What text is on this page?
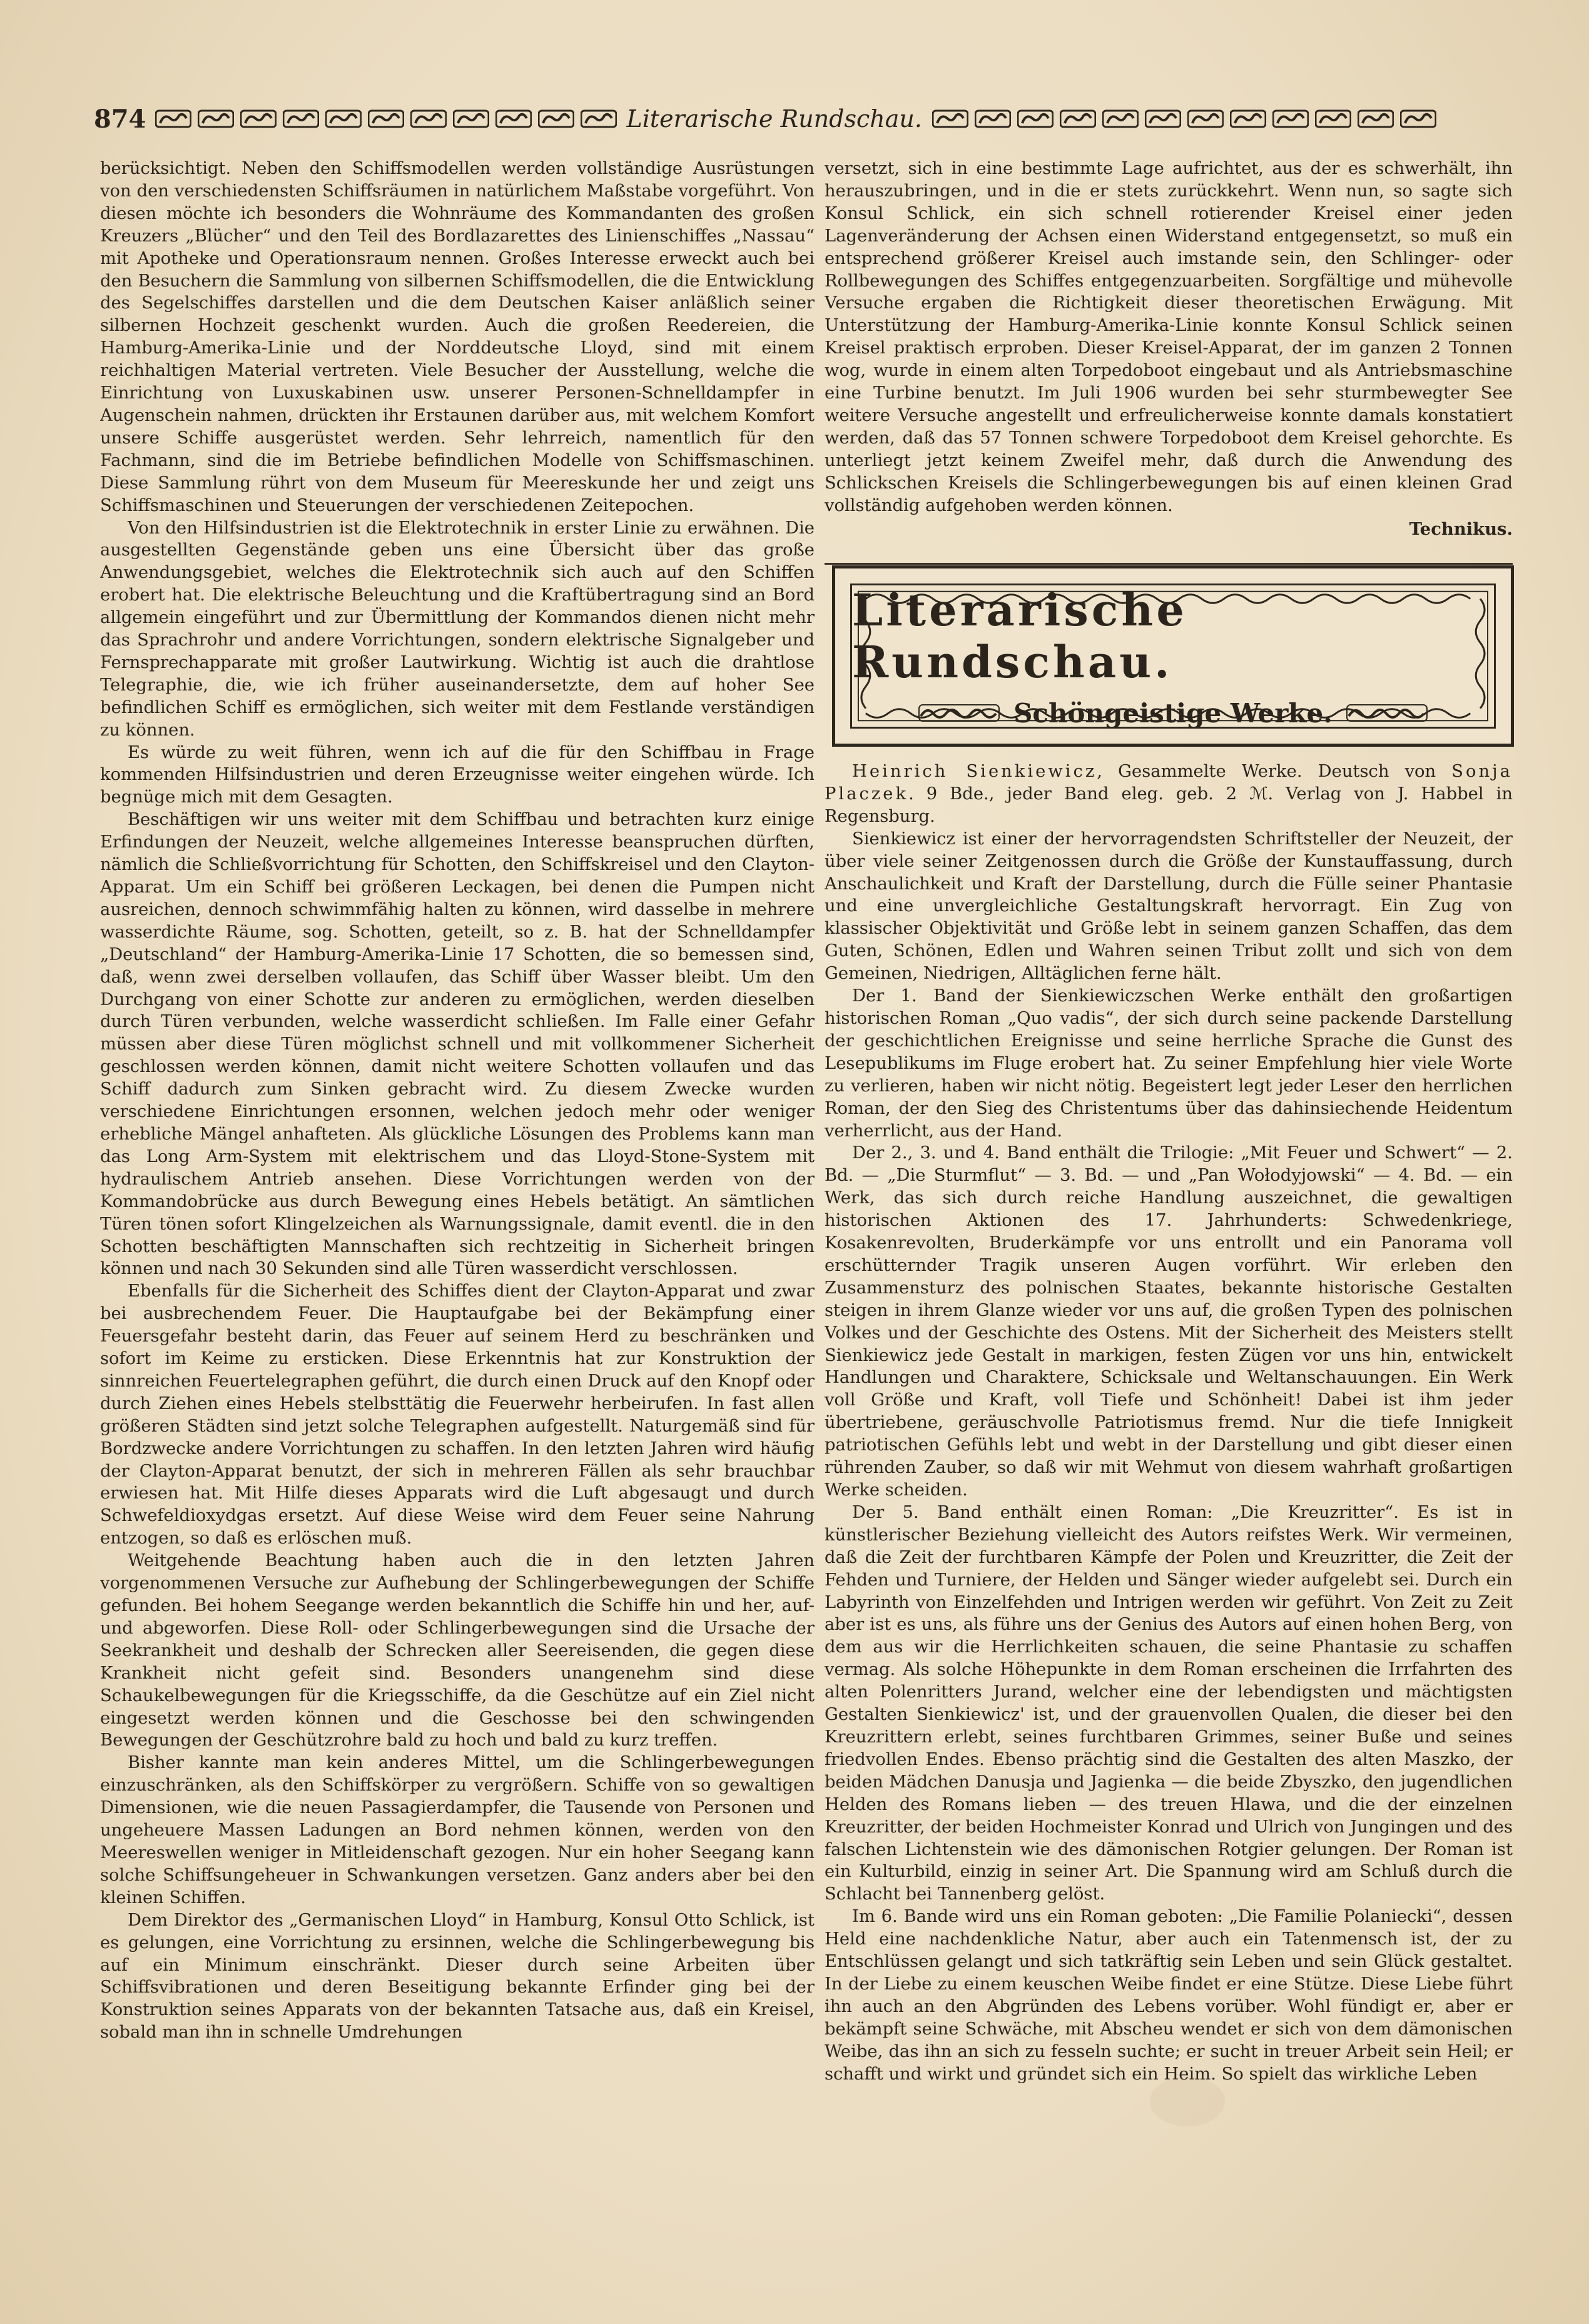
874	Literarische Rundschau.

berücksichtigt. Neben den Schiffsmodellen werden vollständige Ausrüstungen von den verschiedensten Schiffsräumen in natürlichem Maßstabe vorgeführt. Von diesen möchte ich besonders die Wohnräume des Kommandanten des großen Kreuzers „Blücher“ und den Teil des Bordlazarettes des Linienschiffes „Nassau“ mit Apotheke und Operationsraum nennen. Großes Interesse erweckt auch bei den Besuchern die Sammlung von silbernen Schiffsmodellen, die die Entwicklung des Segelschiffes darstellen und die dem Deutschen Kaiser anläßlich seiner silbernen Hochzeit geschenkt wurden. Auch die großen Reedereien, die Hamburg-Amerika-Linie und der Norddeutsche Lloyd, sind mit einem reichhaltigen Material vertreten. Viele Besucher der Ausstellung, welche die Einrichtung von Luxuskabinen usw. unserer Personen-Schnelldampfer in Augenschein nahmen, drückten ihr Erstaunen darüber aus, mit welchem Komfort unsere Schiffe ausgerüstet werden. Sehr lehrreich, namentlich für den Fachmann, sind die im Betriebe befindlichen Modelle von Schiffsmaschinen. Diese Sammlung rührt von dem Museum für Meereskunde her und zeigt uns Schiffsmaschinen und Steuerungen der verschiedenen Zeitepochen.

Von den Hilfsindustrien ist die Elektrotechnik in erster Linie zu erwähnen. Die ausgestellten Gegenstände geben uns eine Übersicht über das große Anwendungsgebiet, welches die Elektrotechnik sich auch auf den Schiffen erobert hat. Die elektrische Beleuchtung und die Kraftübertragung sind an Bord allgemein eingeführt und zur Übermittlung der Kommandos dienen nicht mehr das Sprachrohr und andere Vorrichtungen, sondern elektrische Signalgeber und Fernsprechapparate mit großer Lautwirkung. Wichtig ist auch die drahtlose Telegraphie, die, wie ich früher auseinandersetzte, dem auf hoher See befindlichen Schiff es ermöglichen, sich weiter mit dem Festlande verständigen zu können.

Es würde zu weit führen, wenn ich auf die für den Schiffbau in Frage kommenden Hilfsindustrien und deren Erzeugnisse weiter eingehen würde. Ich begnüge mich mit dem Gesagten.

Beschäftigen wir uns weiter mit dem Schiffbau und betrachten kurz einige Erfindungen der Neuzeit, welche allgemeines Interesse beanspruchen dürften, nämlich die Schließvorrichtung für Schotten, den Schiffskreisel und den Clayton-Apparat. Um ein Schiff bei größeren Leckagen, bei denen die Pumpen nicht ausreichen, dennoch schwimmfähig halten zu können, wird dasselbe in mehrere wasserdichte Räume, sog. Schotten, geteilt, so z. B. hat der Schnelldampfer „Deutschland“ der Hamburg-Amerika-Linie 17 Schotten, die so bemessen sind, daß, wenn zwei derselben vollaufen, das Schiff über Wasser bleibt. Um den Durchgang von einer Schotte zur anderen zu ermöglichen, werden dieselben durch Türen verbunden, welche wasserdicht schließen. Im Falle einer Gefahr müssen aber diese Türen möglichst schnell und mit vollkommener Sicherheit geschlossen werden können, damit nicht weitere Schotten vollaufen und das Schiff dadurch zum Sinken gebracht wird. Zu diesem Zwecke wurden verschiedene Einrichtungen ersonnen, welchen jedoch mehr oder weniger erhebliche Mängel anhafteten. Als glückliche Lösungen des Problems kann man das Long Arm-System mit elektrischem und das Lloyd-Stone-System mit hydraulischem Antrieb ansehen. Diese Vorrichtungen werden von der Kommandobrücke aus durch Bewegung eines Hebels betätigt. An sämtlichen Türen tönen sofort Klingelzeichen als Warnungssignale, damit eventl. die in den Schotten beschäftigten Mannschaften sich rechtzeitig in Sicherheit bringen können und nach 30 Sekunden sind alle Türen wasserdicht verschlossen.

Ebenfalls für die Sicherheit des Schiffes dient der Clayton-Apparat und zwar bei ausbrechendem Feuer. Die Hauptaufgabe bei der Bekämpfung einer Feuersgefahr besteht darin, das Feuer auf seinem Herd zu beschränken und sofort im Keime zu ersticken. Diese Erkenntnis hat zur Konstruktion der sinnreichen Feuertelegraphen geführt, die durch einen Druck auf den Knopf oder durch Ziehen eines Hebels stelbsttätig die Feuerwehr herbeirufen. In fast allen größeren Städten sind jetzt solche Telegraphen aufgestellt. Naturgemäß sind für Bordzwecke andere Vorrichtungen zu schaffen. In den letzten Jahren wird häufig der Clayton-Apparat benutzt, der sich in mehreren Fällen als sehr brauchbar erwiesen hat. Mit Hilfe dieses Apparats wird die Luft abgesaugt und durch Schwefeldioxydgas ersetzt. Auf diese Weise wird dem Feuer seine Nahrung entzogen, so daß es erlöschen muß.

Weitgehende Beachtung haben auch die in den letzten Jahren vorgenommenen Versuche zur Aufhebung der Schlingerbewegungen der Schiffe gefunden. Bei hohem Seegange werden bekanntlich die Schiffe hin und her, auf- und abgeworfen. Diese Roll- oder Schlingerbewegungen sind die Ursache der Seekrankheit und deshalb der Schrecken aller Seereisenden, die gegen diese Krankheit nicht gefeit sind. Besonders unangenehm sind diese Schaukelbewegungen für die Kriegsschiffe, da die Geschütze auf ein Ziel nicht eingesetzt werden können und die Geschosse bei den schwingenden Bewegungen der Geschützrohre bald zu hoch und bald zu kurz treffen.

Bisher kannte man kein anderes Mittel, um die Schlingerbewegungen einzuschränken, als den Schiffskörper zu vergrößern. Schiffe von so gewaltigen Dimensionen, wie die neuen Passagierdampfer, die Tausende von Personen und ungeheuere Massen Ladungen an Bord nehmen können, werden von den Meereswellen weniger in Mitleidenschaft gezogen. Nur ein hoher Seegang kann solche Schiffsungeheuer in Schwankungen versetzen. Ganz anders aber bei den kleinen Schiffen.

Dem Direktor des „Germanischen Lloyd“ in Hamburg, Konsul Otto Schlick, ist es gelungen, eine Vorrichtung zu ersinnen, welche die Schlingerbewegung bis auf ein Minimum einschränkt. Dieser durch seine Arbeiten über Schiffsvibrationen und deren Beseitigung bekannte Erfinder ging bei der Konstruktion seines Apparats von der bekannten Tatsache aus, daß ein Kreisel, sobald man ihn in schnelle Umdrehungen

versetzt, sich in eine bestimmte Lage aufrichtet, aus der es schwerhält, ihn herauszubringen, und in die er stets zurückkehrt. Wenn nun, so sagte sich Konsul Schlick, ein sich schnell rotierender Kreisel einer jeden Lagenveränderung der Achsen einen Widerstand entgegensetzt, so muß ein entsprechend größerer Kreisel auch imstande sein, den Schlinger- oder Rollbewegungen des Schiffes entgegenzuarbeiten. Sorgfältige und mühevolle Versuche ergaben die Richtigkeit dieser theoretischen Erwägung. Mit Unterstützung der Hamburg-Amerika-Linie konnte Konsul Schlick seinen Kreisel praktisch erproben. Dieser Kreisel-Apparat, der im ganzen 2 Tonnen wog, wurde in einem alten Torpedoboot eingebaut und als Antriebsmaschine eine Turbine benutzt. Im Juli 1906 wurden bei sehr sturmbewegter See weitere Versuche angestellt und erfreulicherweise konnte damals konstatiert werden, daß das 57 Tonnen schwere Torpedoboot dem Kreisel gehorchte. Es unterliegt jetzt keinem Zweifel mehr, daß durch die Anwendung des Schlickschen Kreisels die Schlingerbewegungen bis auf einen kleinen Grad vollständig aufgehoben werden können.

Technikus.
Literarische Rundschau.
Schöngeistige Werke.

Heinrich Sienkiewicz, Gesammelte Werke. Deutsch von Sonja Placzek. 9 Bde., jeder Band eleg. geb. 2 ℳ. Verlag von J. Habbel in Regensburg.

Sienkiewicz ist einer der hervorragendsten Schriftsteller der Neuzeit, der über viele seiner Zeitgenossen durch die Größe der Kunstauffassung, durch Anschaulichkeit und Kraft der Darstellung, durch die Fülle seiner Phantasie und eine unvergleichliche Gestaltungskraft hervorragt. Ein Zug von klassischer Objektivität und Größe lebt in seinem ganzen Schaffen, das dem Guten, Schönen, Edlen und Wahren seinen Tribut zollt und sich von dem Gemeinen, Niedrigen, Alltäglichen ferne hält.

Der 1. Band der Sienkiewiczschen Werke enthält den großartigen historischen Roman „Quo vadis“, der sich durch seine packende Darstellung der geschichtlichen Ereignisse und seine herrliche Sprache die Gunst des Lesepublikums im Fluge erobert hat. Zu seiner Empfehlung hier viele Worte zu verlieren, haben wir nicht nötig. Begeistert legt jeder Leser den herrlichen Roman, der den Sieg des Christentums über das dahinsiechende Heidentum verherrlicht, aus der Hand.

Der 2., 3. und 4. Band enthält die Trilogie: „Mit Feuer und Schwert“ — 2. Bd. — „Die Sturmflut“ — 3. Bd. — und „Pan Wołodyjowski“ — 4. Bd. — ein Werk, das sich durch reiche Handlung auszeichnet, die gewaltigen historischen Aktionen des 17. Jahrhunderts: Schwedenkriege, Kosakenrevolten, Bruderkämpfe vor uns entrollt und ein Panorama voll erschütternder Tragik unseren Augen vorführt. Wir erleben den Zusammensturz des polnischen Staates, bekannte historische Gestalten steigen in ihrem Glanze wieder vor uns auf, die großen Typen des polnischen Volkes und der Geschichte des Ostens. Mit der Sicherheit des Meisters stellt Sienkiewicz jede Gestalt in markigen, festen Zügen vor uns hin, entwickelt Handlungen und Charaktere, Schicksale und Weltanschauungen. Ein Werk voll Größe und Kraft, voll Tiefe und Schönheit! Dabei ist ihm jeder übertriebene, geräuschvolle Patriotismus fremd. Nur die tiefe Innigkeit patriotischen Gefühls lebt und webt in der Darstellung und gibt dieser einen rührenden Zauber, so daß wir mit Wehmut von diesem wahrhaft großartigen Werke scheiden.

Der 5. Band enthält einen Roman: „Die Kreuzritter“. Es ist in künstlerischer Beziehung vielleicht des Autors reifstes Werk. Wir vermeinen, daß die Zeit der furchtbaren Kämpfe der Polen und Kreuzritter, die Zeit der Fehden und Turniere, der Helden und Sänger wieder aufgelebt sei. Durch ein Labyrinth von Einzelfehden und Intrigen werden wir geführt. Von Zeit zu Zeit aber ist es uns, als führe uns der Genius des Autors auf einen hohen Berg, von dem aus wir die Herrlichkeiten schauen, die seine Phantasie zu schaffen vermag. Als solche Höhepunkte in dem Roman erscheinen die Irrfahrten des alten Polenritters Jurand, welcher eine der lebendigsten und mächtigsten Gestalten Sienkiewicz' ist, und der grauenvollen Qualen, die dieser bei den Kreuzrittern erlebt, seines furchtbaren Grimmes, seiner Buße und seines friedvollen Endes. Ebenso prächtig sind die Gestalten des alten Maszko, der beiden Mädchen Danusja und Jagienka — die beide Zbyszko, den jugendlichen Helden des Romans lieben — des treuen Hlawa, und die der einzelnen Kreuzritter, der beiden Hochmeister Konrad und Ulrich von Jungingen und des falschen Lichtenstein wie des dämonischen Rotgier gelungen. Der Roman ist ein Kulturbild, einzig in seiner Art. Die Spannung wird am Schluß durch die Schlacht bei Tannenberg gelöst.

Im 6. Bande wird uns ein Roman geboten: „Die Familie Polaniecki“, dessen Held eine nachdenkliche Natur, aber auch ein Tatenmensch ist, der zu Entschlüssen gelangt und sich tatkräftig sein Leben und sein Glück gestaltet. In der Liebe zu einem keuschen Weibe findet er eine Stütze. Diese Liebe führt ihn auch an den Abgründen des Lebens vorüber. Wohl fündigt er, aber er bekämpft seine Schwäche, mit Abscheu wendet er sich von dem dämonischen Weibe, das ihn an sich zu fesseln suchte; er sucht in treuer Arbeit sein Heil; er schafft und wirkt und gründet sich ein Heim. So spielt das wirkliche Leben
